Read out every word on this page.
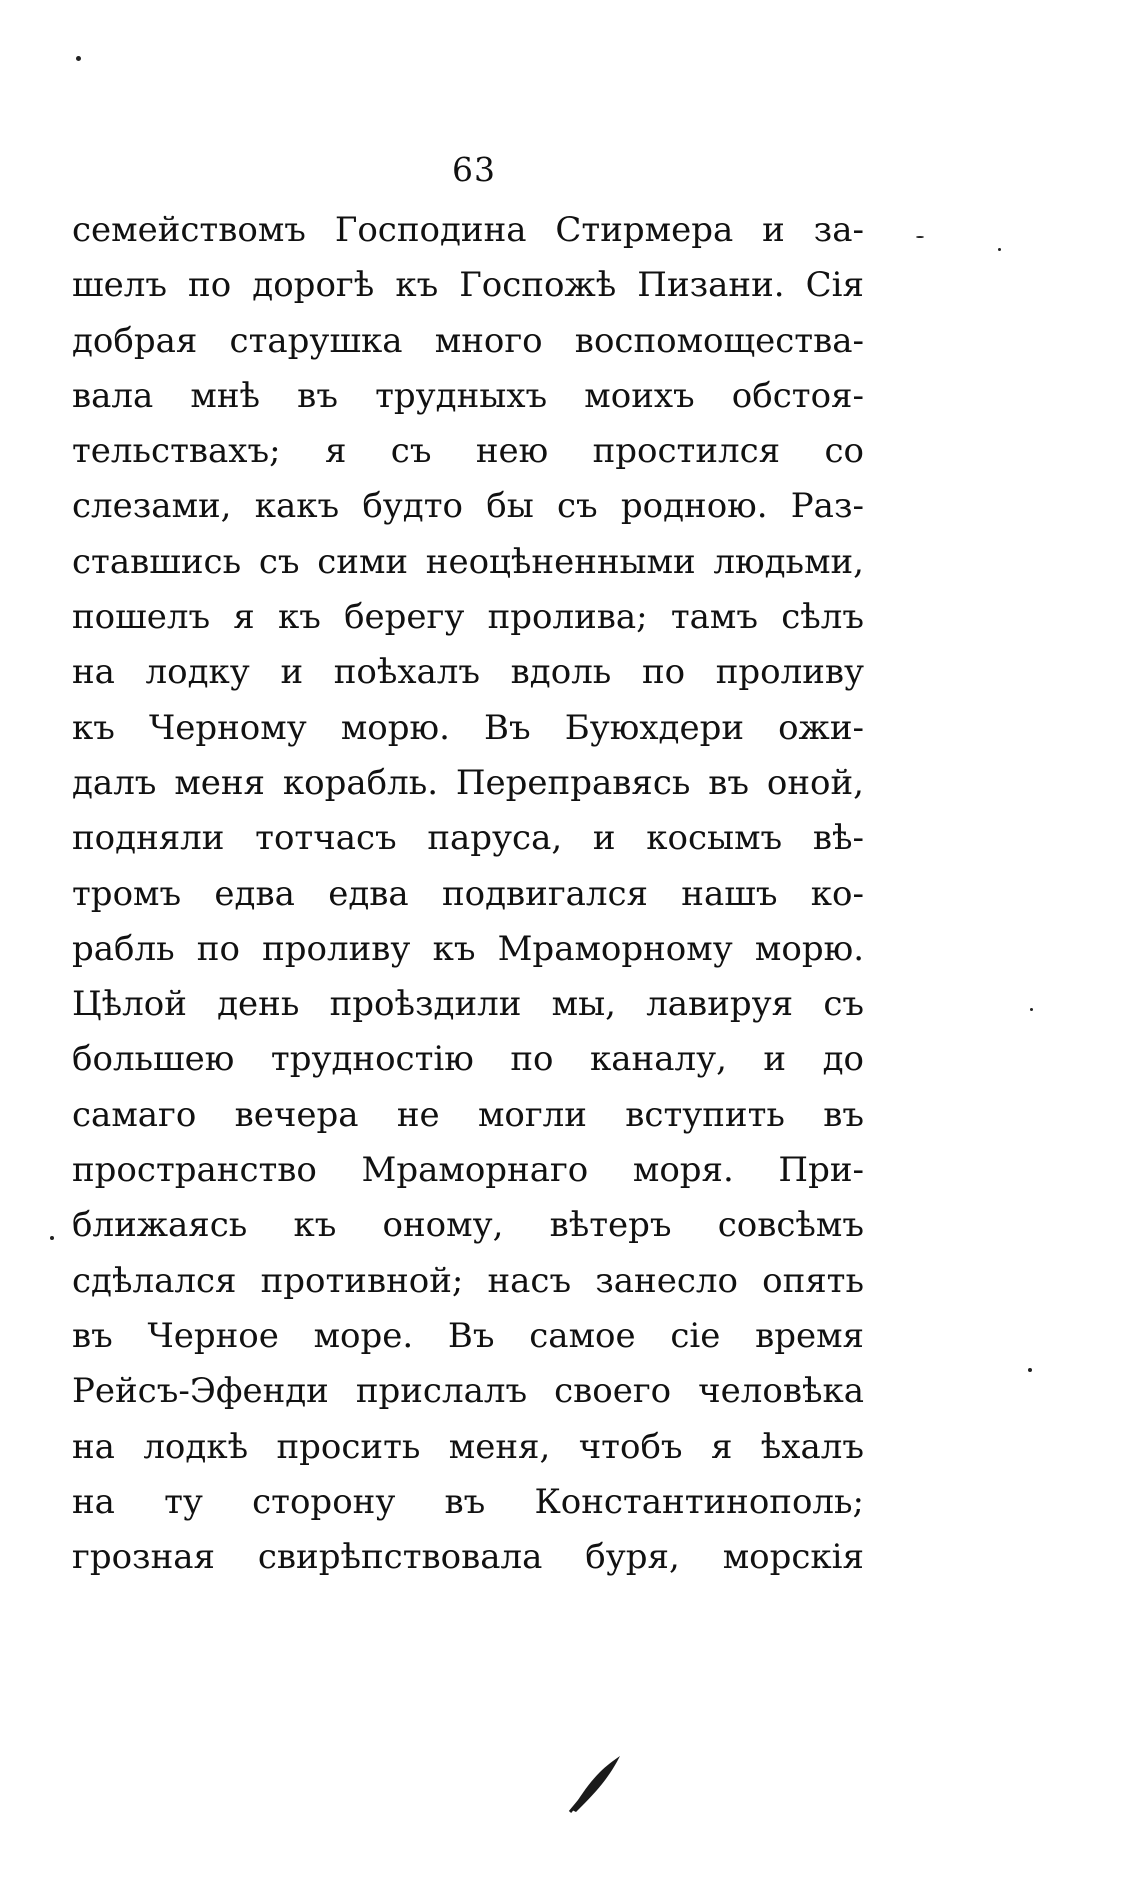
63
семействомъ Господина Стирмера и за-
шелъ по дорогѣ къ Госпожѣ Пизани. Сія
добрая старушка много воспомоществa-
вала мнѣ въ трудныхъ моихъ обстоя-
тельствахъ; я съ нею простился со
слезами, какъ будто бы съ родною. Раз-
ставшись съ сими неоцѣненными людьми,
пошелъ я къ берегу пролива; тамъ сѣлъ
на лодку и поѣхалъ вдоль по проливу
къ Черному морю. Въ Буюхдери ожи-
далъ меня корабль. Переправясь въ оной,
подняли тотчасъ паруса, и косымъ вѣ-
тромъ едва едва подвигался нашъ ко-
рабль по проливу къ Мраморному морю.
Цѣлой день проѣздили мы, лавируя съ
большею трудностію по каналу, и до
самаго вечера не могли вступить въ
пространство Мраморнаго моря. При-
ближаясь къ оному, вѣтеръ совсѣмъ
сдѣлался противной; насъ занесло опять
въ Черное море. Въ самое сіе время
Рейсъ-Эфенди прислалъ своего человѣка
на лодкѣ просить меня, чтобъ я ѣхалъ
на ту сторону въ Константинополь;
грозная свирѣпствовала буря, морскія
